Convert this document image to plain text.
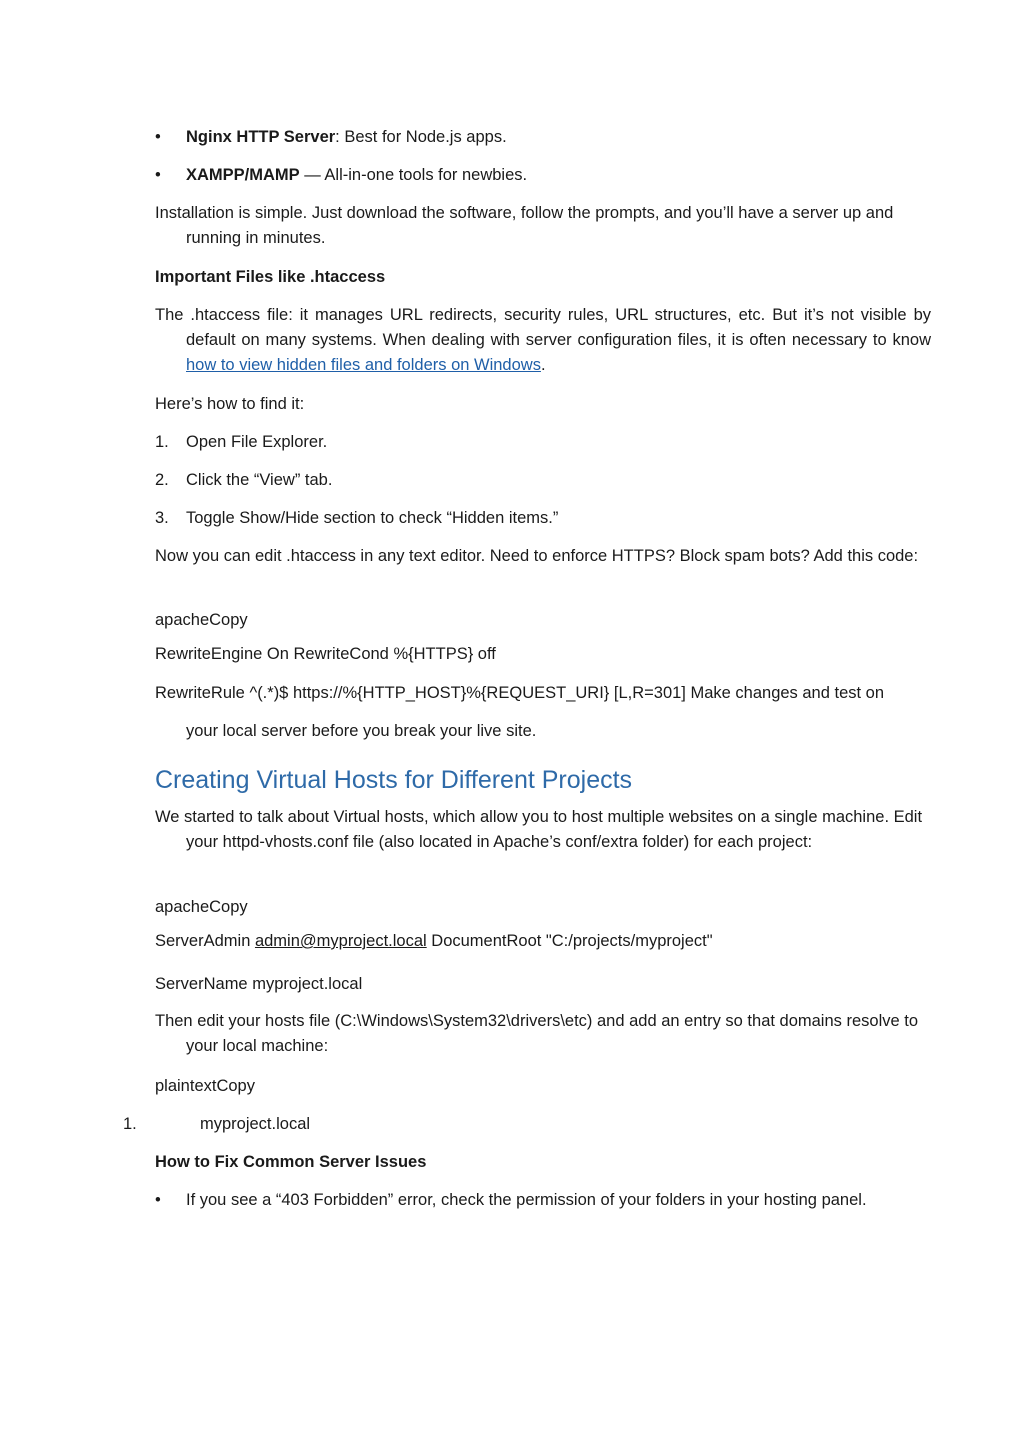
•	Nginx HTTP Server: Best for Node.js apps.
•	XAMPP/MAMP — All-in-one tools for newbies.

Installation is simple. Just download the software, follow the prompts, and you’ll have a server up and running in minutes.

Important Files like .htaccess

The .htaccess file: it manages URL redirects, security rules, URL structures, etc. But it’s not visible by default on many systems. When dealing with server configuration files, it is often necessary to know how to view hidden files and folders on Windows.

Here’s how to find it:

1. Open File Explorer.
2. Click the “View” tab.
3. Toggle Show/Hide section to check “Hidden items.”

Now you can edit .htaccess in any text editor. Need to enforce HTTPS? Block spam bots? Add this code:

apacheCopy

RewriteEngine On RewriteCond %{HTTPS} off

RewriteRule ^(.*)$ https://%{HTTP_HOST}%{REQUEST_URI} [L,R=301] Make changes and test on

your local server before you break your live site.

Creating Virtual Hosts for Different Projects

We started to talk about Virtual hosts, which allow you to host multiple websites on a single machine. Edit your httpd-vhosts.conf file (also located in Apache’s conf/extra folder) for each project:

apacheCopy

ServerAdmin admin@myproject.local DocumentRoot "C:/projects/myproject"

ServerName myproject.local

Then edit your hosts file (C:\Windows\System32\drivers\etc) and add an entry so that domains resolve to your local machine:

plaintextCopy

1.	myproject.local

How to Fix Common Server Issues

•	If you see a “403 Forbidden” error, check the permission of your folders in your hosting panel.
